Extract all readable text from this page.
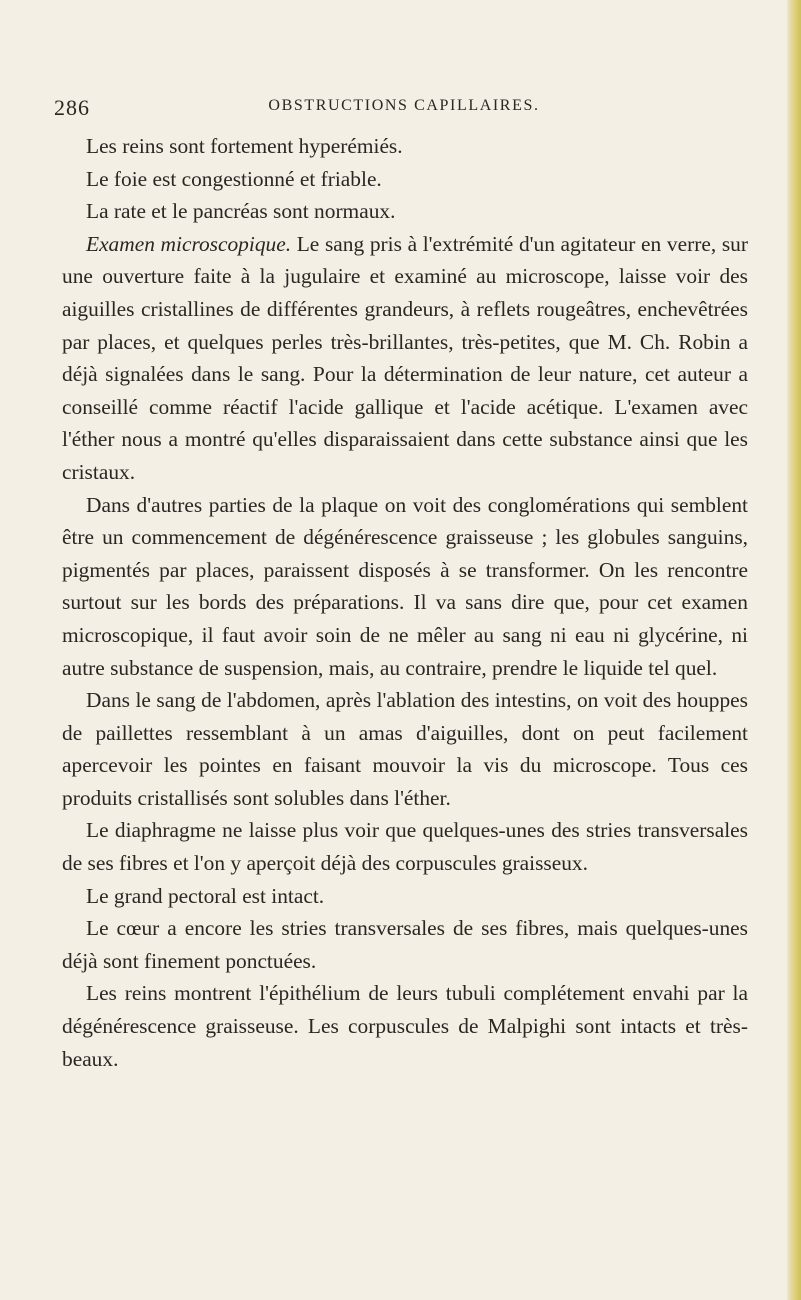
286	OBSTRUCTIONS CAPILLAIRES.

Les reins sont fortement hyperémiés.

Le foie est congestionné et friable.

La rate et le pancréas sont normaux.

Examen microscopique. Le sang pris à l'extrémité d'un agitateur en verre, sur une ouverture faite à la jugulaire et examiné au microscope, laisse voir des aiguilles cristallines de différentes grandeurs, à reflets rougeâtres, enchevêtrées par places, et quelques perles très-brillantes, très-petites, que M. Ch. Robin a déjà signalées dans le sang. Pour la détermination de leur nature, cet auteur a conseillé comme réactif l'acide gallique et l'acide acétique. L'examen avec l'éther nous a montré qu'elles disparaissaient dans cette substance ainsi que les cristaux.

Dans d'autres parties de la plaque on voit des conglomérations qui semblent être un commencement de dégénérescence graisseuse ; les globules sanguins, pigmentés par places, paraissent disposés à se transformer. On les rencontre surtout sur les bords des préparations. Il va sans dire que, pour cet examen microscopique, il faut avoir soin de ne mêler au sang ni eau ni glycérine, ni autre substance de suspension, mais, au contraire, prendre le liquide tel quel.

Dans le sang de l'abdomen, après l'ablation des intestins, on voit des houppes de paillettes ressemblant à un amas d'aiguilles, dont on peut facilement apercevoir les pointes en faisant mouvoir la vis du microscope. Tous ces produits cristallisés sont solubles dans l'éther.

Le diaphragme ne laisse plus voir que quelques-unes des stries transversales de ses fibres et l'on y aperçoit déjà des corpuscules graisseux.

Le grand pectoral est intact.

Le cœur a encore les stries transversales de ses fibres, mais quelques-unes déjà sont finement ponctuées.

Les reins montrent l'épithélium de leurs tubuli complétement envahi par la dégénérescence graisseuse. Les corpuscules de Malpighi sont intacts et très-beaux.
